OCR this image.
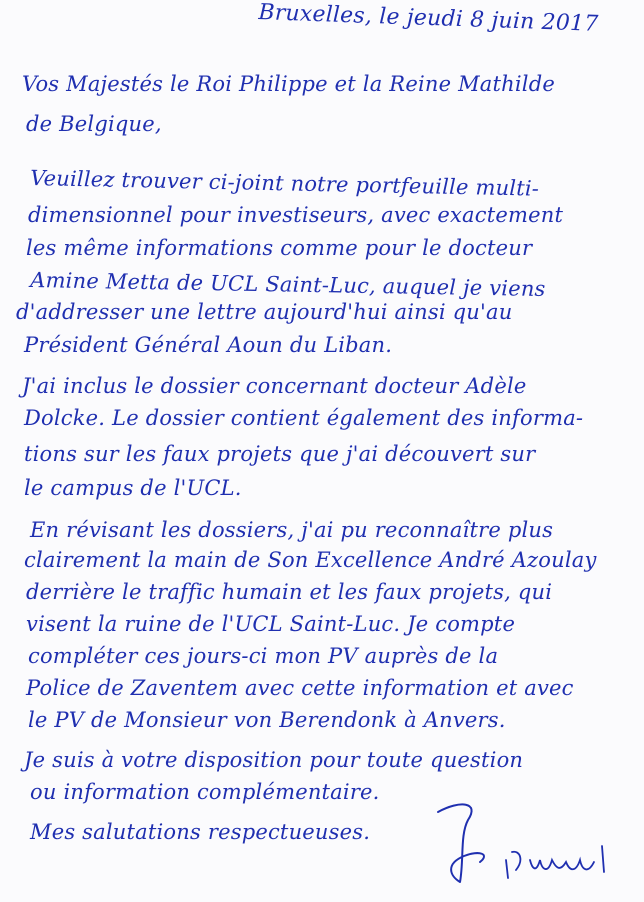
Bruxelles, le jeudi 8 juin 2017
Vos Majestés le Roi Philippe et la Reine Mathilde
de Belgique,
Veuillez trouver ci-joint notre portfeuille multi-
dimensionnel pour investiseurs, avec exactement
les même informations comme pour le docteur
Amine Metta de UCL Saint-Luc, auquel je viens
d'addresser une lettre aujourd'hui ainsi qu'au
Président Général Aoun du Liban.
J'ai inclus le dossier concernant docteur Adèle
Dolcke. Le dossier contient également des informa-
tions sur les faux projets que j'ai découvert sur
le campus de l'UCL.
En révisant les dossiers, j'ai pu reconnaître plus
clairement la main de Son Excellence André Azoulay
derrière le traffic humain et les faux projets, qui
visent la ruine de l'UCL Saint-Luc. Je compte
compléter ces jours-ci mon PV auprès de la
Police de Zaventem avec cette information et avec
le PV de Monsieur von Berendonk à Anvers.
Je suis à votre disposition pour toute question
ou information complémentaire.
Mes salutations respectueuses.
